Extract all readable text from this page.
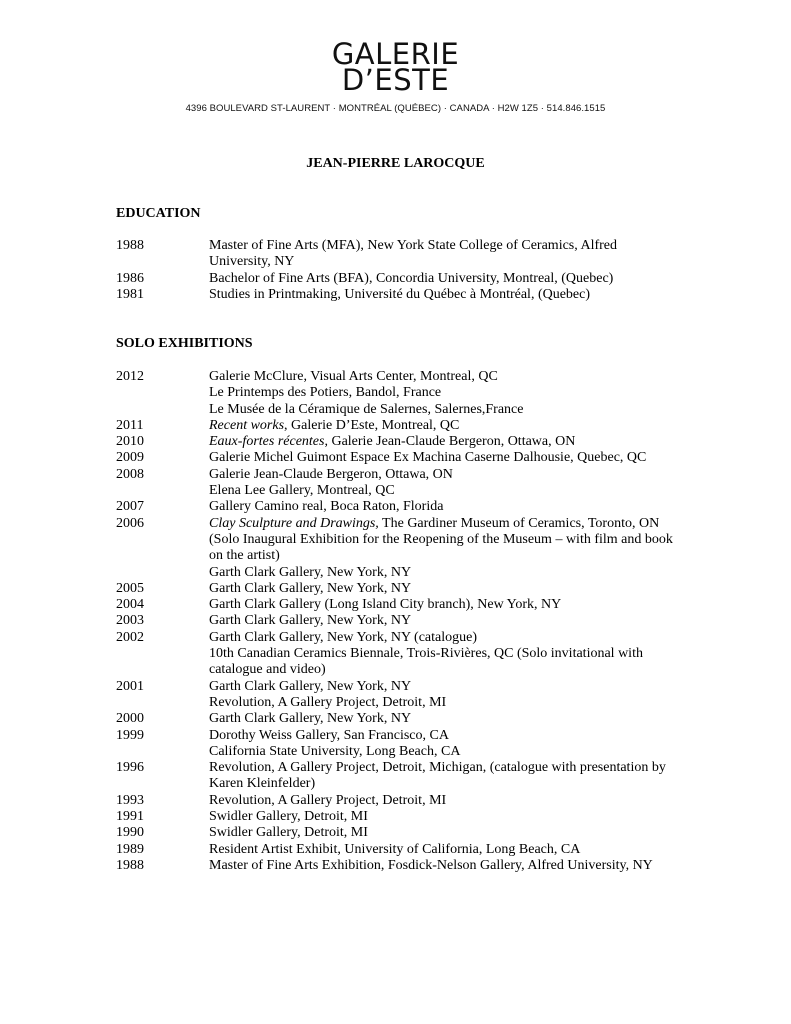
GALERIE
D’ESTE
4396 BOULEVARD ST-LAURENT · MONTRÉAL (QUÉBEC) · CANADA · H2W 1Z5 · 514.846.1515
JEAN-PIERRE LAROCQUE
EDUCATION
1988	Master of Fine Arts (MFA), New York State College of Ceramics, Alfred University, NY
1986	Bachelor of Fine Arts (BFA), Concordia University, Montreal, (Quebec)
1981	Studies in Printmaking, Université du Québec à Montréal, (Quebec)
SOLO EXHIBITIONS
2012	Galerie McClure, Visual Arts Center, Montreal, QC
Le Printemps des Potiers, Bandol, France
Le Musée de la Céramique de Salernes, Salernes,France
2011	Recent works, Galerie D’Este, Montreal, QC
2010	Eaux-fortes récentes, Galerie Jean-Claude Bergeron, Ottawa, ON
2009	Galerie Michel Guimont Espace Ex Machina Caserne Dalhousie, Quebec, QC
2008	Galerie Jean-Claude Bergeron, Ottawa, ON
Elena Lee Gallery, Montreal, QC
2007	Gallery Camino real, Boca Raton, Florida
2006	Clay Sculpture and Drawings, The Gardiner Museum of Ceramics, Toronto, ON (Solo Inaugural Exhibition for the Reopening of the Museum – with film and book on the artist)
Garth Clark Gallery, New York, NY
2005	Garth Clark Gallery, New York, NY
2004	Garth Clark Gallery (Long Island City branch), New York, NY
2003	Garth Clark Gallery, New York, NY
2002	Garth Clark Gallery, New York, NY (catalogue)
10th Canadian Ceramics Biennale, Trois-Rivières, QC (Solo invitational with catalogue and video)
2001	Garth Clark Gallery, New York, NY
Revolution, A Gallery Project, Detroit, MI
2000	Garth Clark Gallery, New York, NY
1999	Dorothy Weiss Gallery, San Francisco, CA
California State University, Long Beach, CA
1996	Revolution, A Gallery Project, Detroit, Michigan, (catalogue with presentation by Karen Kleinfelder)
1993	Revolution, A Gallery Project, Detroit, MI
1991	Swidler Gallery, Detroit, MI
1990	Swidler Gallery, Detroit, MI
1989	Resident Artist Exhibit, University of California, Long Beach, CA
1988	Master of Fine Arts Exhibition, Fosdick-Nelson Gallery, Alfred University, NY
